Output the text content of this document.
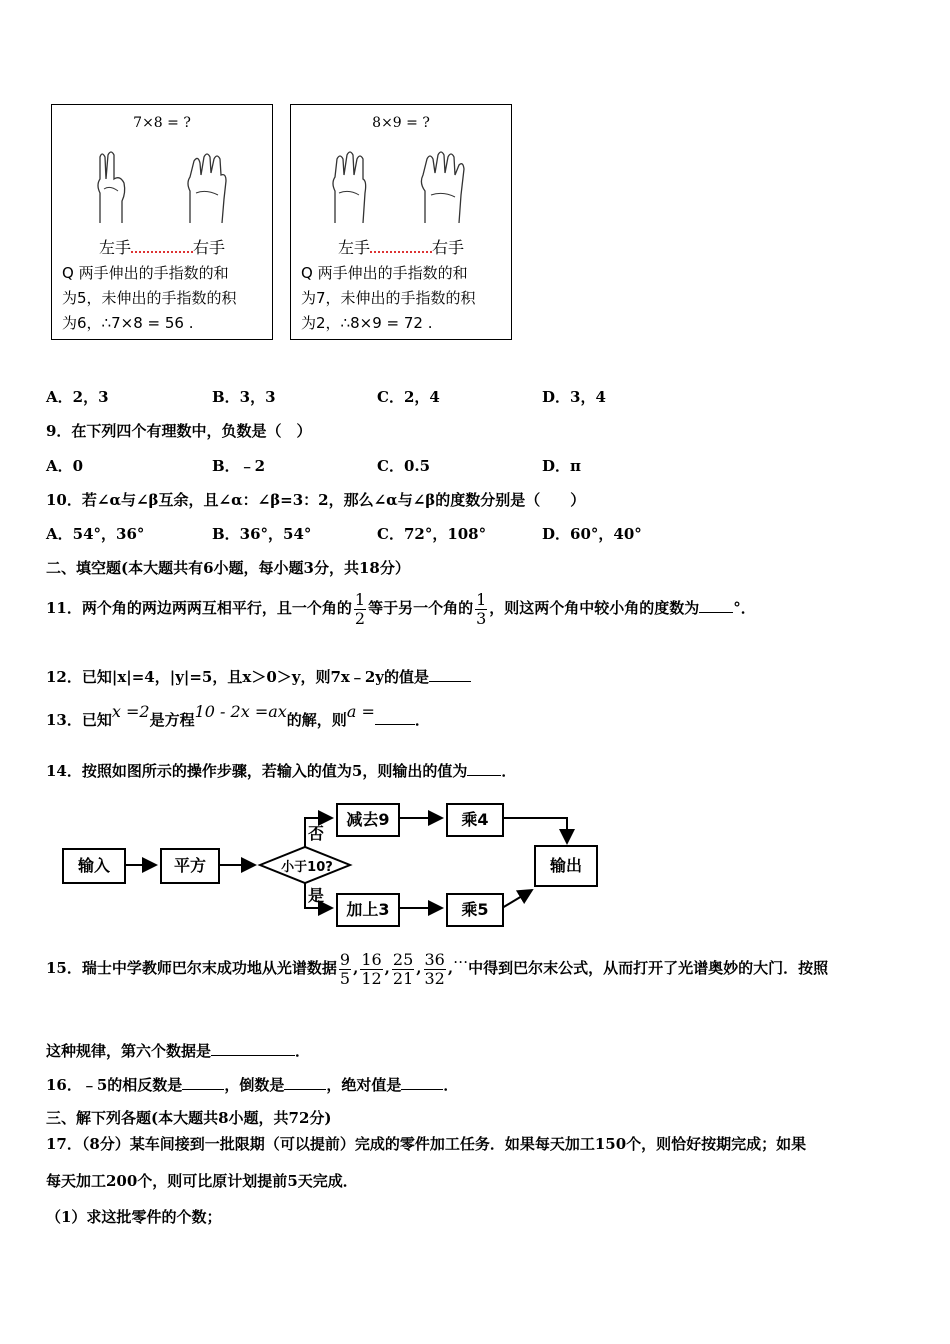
7×8 = ?
左手	右手
Q 两手伸出的手指数的和
为5，未伸出的手指数的积
为6，∴7×8 = 56 .
8×9 = ?
左手	右手
Q 两手伸出的手指数的和
为7，未伸出的手指数的积
为2，∴8×9 = 72 .
A．2，3	B．3，3	C．2，4	D．3，4
9．在下列四个有理数中，负数是（　）
A．0	B．﹣2	C．0.5	D．π
10．若∠α与∠β互余，且∠α：∠β=3：2，那么∠α与∠β的度数分别是（　　）
A．54°，36°	B．36°，54°	C．72°，108°	D．60°，40°
二、填空题(本大题共有6小题，每小题3分，共18分）
11．两个角的两边两两互相平行，且一个角的 $\frac{1}{2}$ 等于另一个角的 $\frac{1}{3}$ ，则这两个角中较小角的度数为 °．
12．已知|x|=4，|y|=5，且x＞0＞y，则7x﹣2y的值是
13．已知x =2是方程10 - 2x =ax的解，则a =	．
14．按照如图所示的操作步骤，若输入的值为5，则输出的值为 ．
输入	平方	小于10?
否
是
减去9	乘4
加上3	乘5
输出
15．瑞士中学教师巴尔末成功地从光谱数据 $\frac{9}{5}$ , $\frac{16}{12}$ , $\frac{25}{21}$ , $\frac{36}{32}$ ,…中得到巴尔末公式，从而打开了光谱奥妙的大门．按照
这种规律，第六个数据是	．
16．﹣5的相反数是	，倒数是	，绝对值是	．
三、解下列各题(本大题共8小题，共72分)
17．（8分）某车间接到一批限期（可以提前）完成的零件加工任务．如果每天加工150个，则恰好按期完成；如果
每天加工200个，则可比原计划提前5天完成．
（1）求这批零件的个数；
